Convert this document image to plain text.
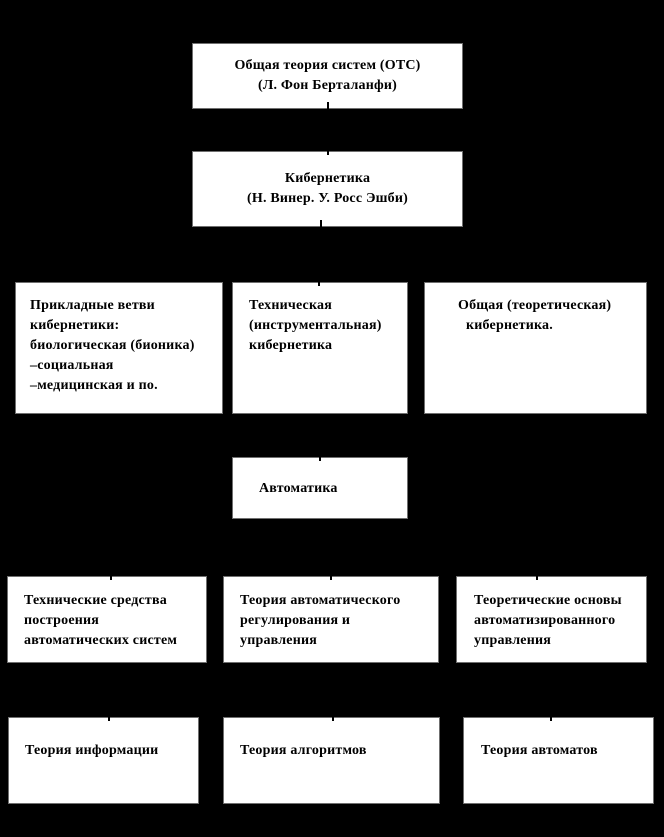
Общая теория систем (ОТС)
(Л. Фон Берталанфи)
Кибернетика
(Н. Винер. У. Росс Эшби)
Прикладные ветви
кибернетики:
биологическая (бионика)
–социальная
–медицинская и по.
Техническая
(инструментальная)
кибернетика
Общая (теоретическая)
кибернетика.
Автоматика
Технические средства
построения
автоматических систем
Теория автоматического
регулирования и
управления
Теоретические основы
автоматизированного
управления
Теория информации	Теория алгоритмов	Теория автоматов
